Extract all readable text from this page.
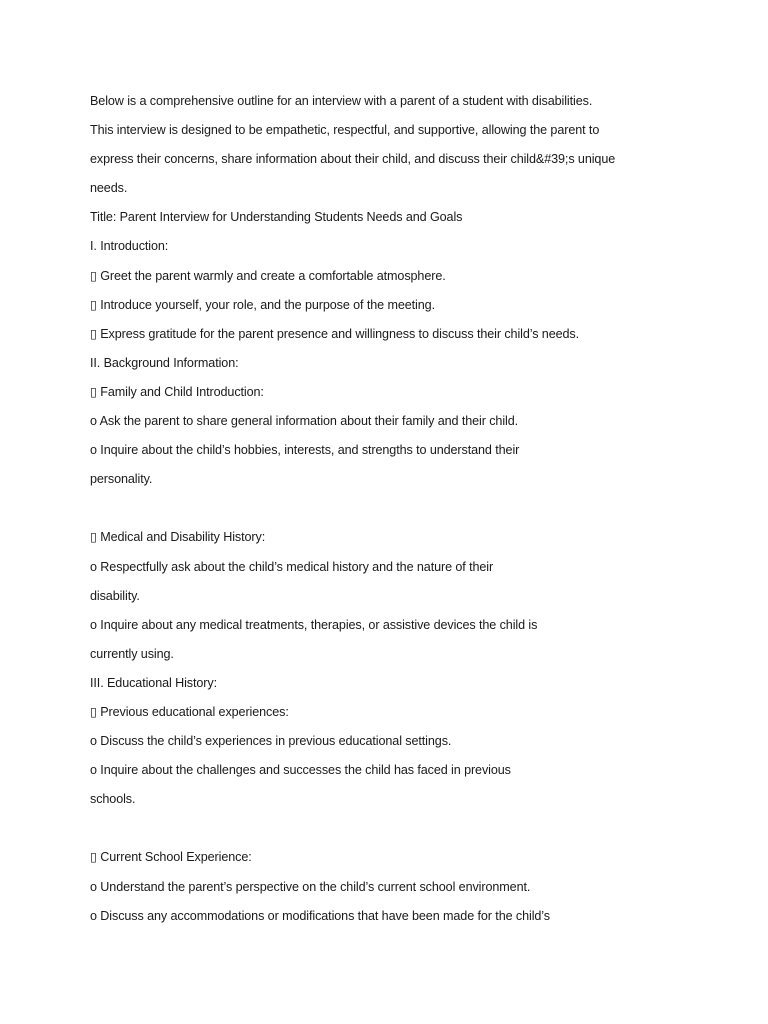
Below is a comprehensive outline for an interview with a parent of a student with disabilities.
This interview is designed to be empathetic, respectful, and supportive, allowing the parent to
express their concerns, share information about their child, and discuss their child&#39;s unique
needs.
Title: Parent Interview for Understanding Students Needs and Goals
I. Introduction:
▯ Greet the parent warmly and create a comfortable atmosphere.
▯ Introduce yourself, your role, and the purpose of the meeting.
▯ Express gratitude for the parent presence and willingness to discuss their child’s needs.
II. Background Information:
▯ Family and Child Introduction:
o Ask the parent to share general information about their family and their child.
o Inquire about the child’s hobbies, interests, and strengths to understand their
personality.
▯ Medical and Disability History:
o Respectfully ask about the child’s medical history and the nature of their
disability.
o Inquire about any medical treatments, therapies, or assistive devices the child is
currently using.
III. Educational History:
▯ Previous educational experiences:
o Discuss the child’s experiences in previous educational settings.
o Inquire about the challenges and successes the child has faced in previous
schools.
▯ Current School Experience:
o Understand the parent’s perspective on the child’s current school environment.
o Discuss any accommodations or modifications that have been made for the child’s
